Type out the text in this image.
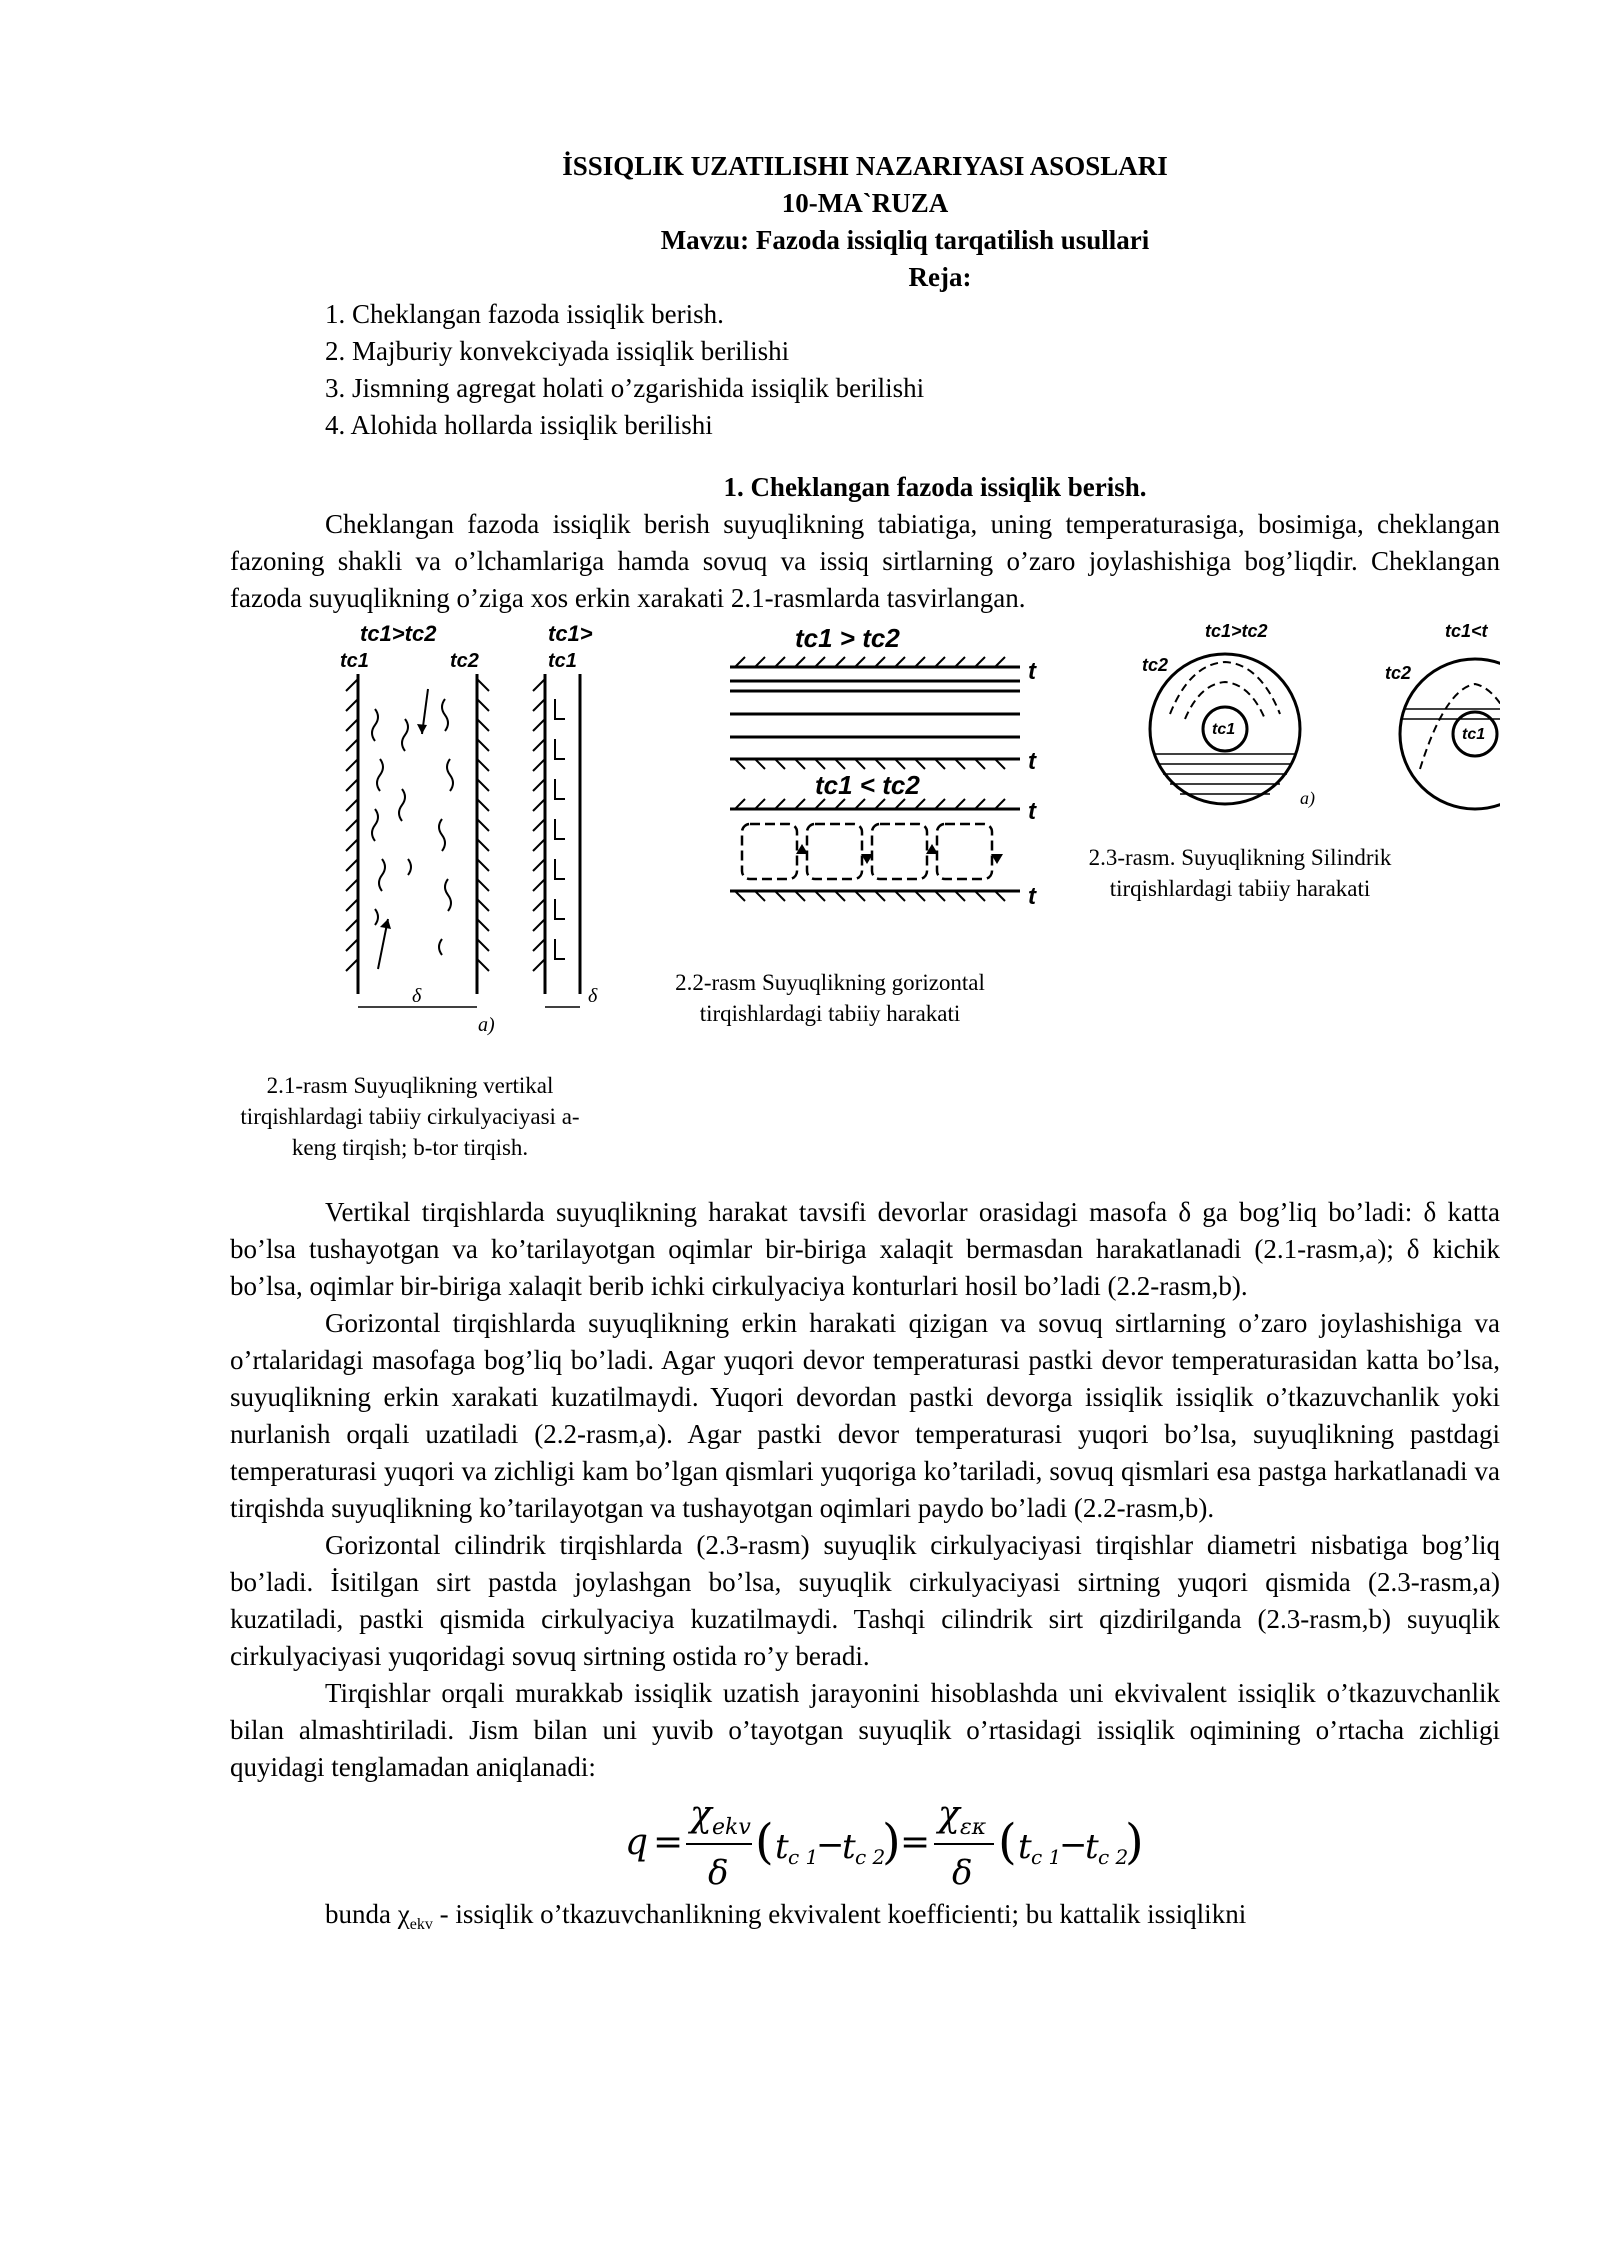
İSSIQLIK UZATILISHI NAZARIYASI ASOSLARI

10-MA`RUZA

Mavzu: Fazoda issiqliq tarqatilish usullari

Reja:

1. Cheklangan fazoda issiqlik berish.
2. Majburiy konvekciyada issiqlik berilishi
3. Jismning agregat holati o’zgarishida issiqlik berilishi
4. Alohida hollarda issiqlik berilishi

1. Cheklangan fazoda issiqlik berish.

Cheklangan fazoda issiqlik berish suyuqlikning tabiatiga, uning temperaturasiga, bosimiga, cheklangan fazoning shakli va o’lchamlariga hamda sovuq va issiq sirtlarning o’zaro joylashishiga bog’liqdir. Cheklangan fazoda suyuqlikning o’ziga xos erkin xarakati 2.1-rasmlarda tasvirlangan.

tc1>tc2	tc1>
tc1	tc2	tc1
δ	δ
a)

2.1-rasm Suyuqlikning vertikal tirqishlardagi tabiiy cirkulyaciyasi a-keng tirqish; b-tor tirqish.

tc1 > tc2
t
t
t
t
tc1 < tc2

2.2-rasm Suyuqlikning gorizontal tirqishlardagi tabiiy harakati

tc1>tc2	tc1<t
tc2	tc2
tc1	tc1
a)

2.3-rasm. Suyuqlikning Silindrik tirqishlardagi tabiiy harakati

Vertikal tirqishlarda suyuqlikning harakat tavsifi devorlar orasidagi masofa δ ga bog’liq bo’ladi: δ katta bo’lsa tushayotgan va ko’tarilayotgan oqimlar bir-biriga xalaqit bermasdan harakatlanadi (2.1-rasm,a); δ kichik bo’lsa, oqimlar bir-biriga xalaqit berib ichki cirkulyaciya konturlari hosil bo’ladi (2.2-rasm,b).

Gorizontal tirqishlarda suyuqlikning erkin harakati qizigan va sovuq sirtlarning o’zaro joylashishiga va o’rtalaridagi masofaga bog’liq bo’ladi. Agar yuqori devor temperaturasi pastki devor temperaturasidan katta bo’lsa, suyuqlikning erkin xarakati kuzatilmaydi. Yuqori devordan pastki devorga issiqlik issiqlik o’tkazuvchanlik yoki nurlanish orqali uzatiladi (2.2-rasm,a). Agar pastki devor temperaturasi yuqori bo’lsa, suyuqlikning pastdagi temperaturasi yuqori va zichligi kam bo’lgan qismlari yuqoriga ko’tariladi, sovuq qismlari esa pastga harkatlanadi va tirqishda suyuqlikning ko’tarilayotgan va tushayotgan oqimlari paydo bo’ladi (2.2-rasm,b).

Gorizontal cilindrik tirqishlarda (2.3-rasm) suyuqlik cirkulyaciyasi tirqishlar diametri nisbatiga bog’liq bo’ladi. İsitilgan sirt pastda joylashgan bo’lsa, suyuqlik cirkulyaciyasi sirtning yuqori qismida (2.3-rasm,a) kuzatiladi, pastki qismida cirkulyaciya kuzatilmaydi. Tashqi cilindrik sirt qizdirilganda (2.3-rasm,b) suyuqlik cirkulyaciyasi yuqoridagi sovuq sirtning ostida ro’y beradi.

Tirqishlar orqali murakkab issiqlik uzatish jarayonini hisoblashda uni ekvivalent issiqlik o’tkazuvchanlik bilan almashtiriladi. Jism bilan uni yuvib o’tayotgan suyuqlik o’rtasidagi issiqlik oqimining o’rtacha zichligi quyidagi tenglamadan aniqlanadi:

q =
χ ekv
δ
( t c 1
−
t c 2
) =
χ εκ
δ
( t c 1
−
t c 2
)

bunda $\chi_{ekv}$ - issiqlik o’tkazuvchanlikning ekvivalent koefficienti; bu kattalik issiqlikni
